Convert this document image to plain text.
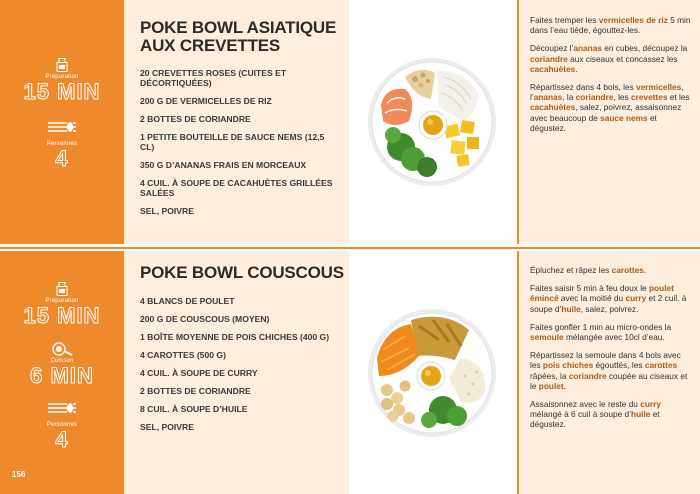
Préparation
15 MIN
Personnes
4
POKE BOWL ASIATIQUE
AUX CREVETTES
20 CREVETTES ROSES (CUITES ET DÉCORTIQUÉES)
200 G DE VERMICELLES DE RIZ
2 BOTTES DE CORIANDRE
1 PETITE BOUTEILLE DE SAUCE NEMS (12,5 CL)
350 G D’ANANAS FRAIS EN MORCEAUX
4 CUIL. À SOUPE DE CACAHUÈTES GRILLÉES SALÉES
SEL, POIVRE

Faites tremper les vermicelles de riz 5 min dans l’eau tiède, égouttez-les.

Découpez l’ananas en cubes, découpez la coriandre aux ciseaux et concassez les cacahuètes.

Répartissez dans 4 bols, les vermicelles, l’ananas, la coriandre, les crevettes et les cacahuètes, salez, poivrez, assaisonnez avec beaucoup de sauce nems et dégustez.

Préparation
15 MIN
Cuisson
6 MIN
Personnes
4
POKE BOWL COUSCOUS
4 BLANCS DE POULET
200 G DE COUSCOUS (MOYEN)
1 BOÎTE MOYENNE DE POIS CHICHES (400 G)
4 CAROTTES (500 G)
4 CUIL. À SOUPE DE CURRY
2 BOTTES DE CORIANDRE
8 CUIL. À SOUPE D’HUILE
SEL, POIVRE

Épluchez et râpez les carottes.

Faites saisir 5 min à feu doux le poulet émincé avec la moitié du curry et 2 cuil. à soupe d’huile, salez, poivrez.

Faites gonfler 1 min au micro-ondes la semoule mélangée avec 10cl d’eau.

Répartissez la semoule dans 4 bols avec les pois chiches égouttés, les carottes râpées, la coriandre coupée au ciseaux et le poulet.

Assaisonnez avec le reste du curry mélangé à 6 cuil à soupe d’huile et dégustez.

156
